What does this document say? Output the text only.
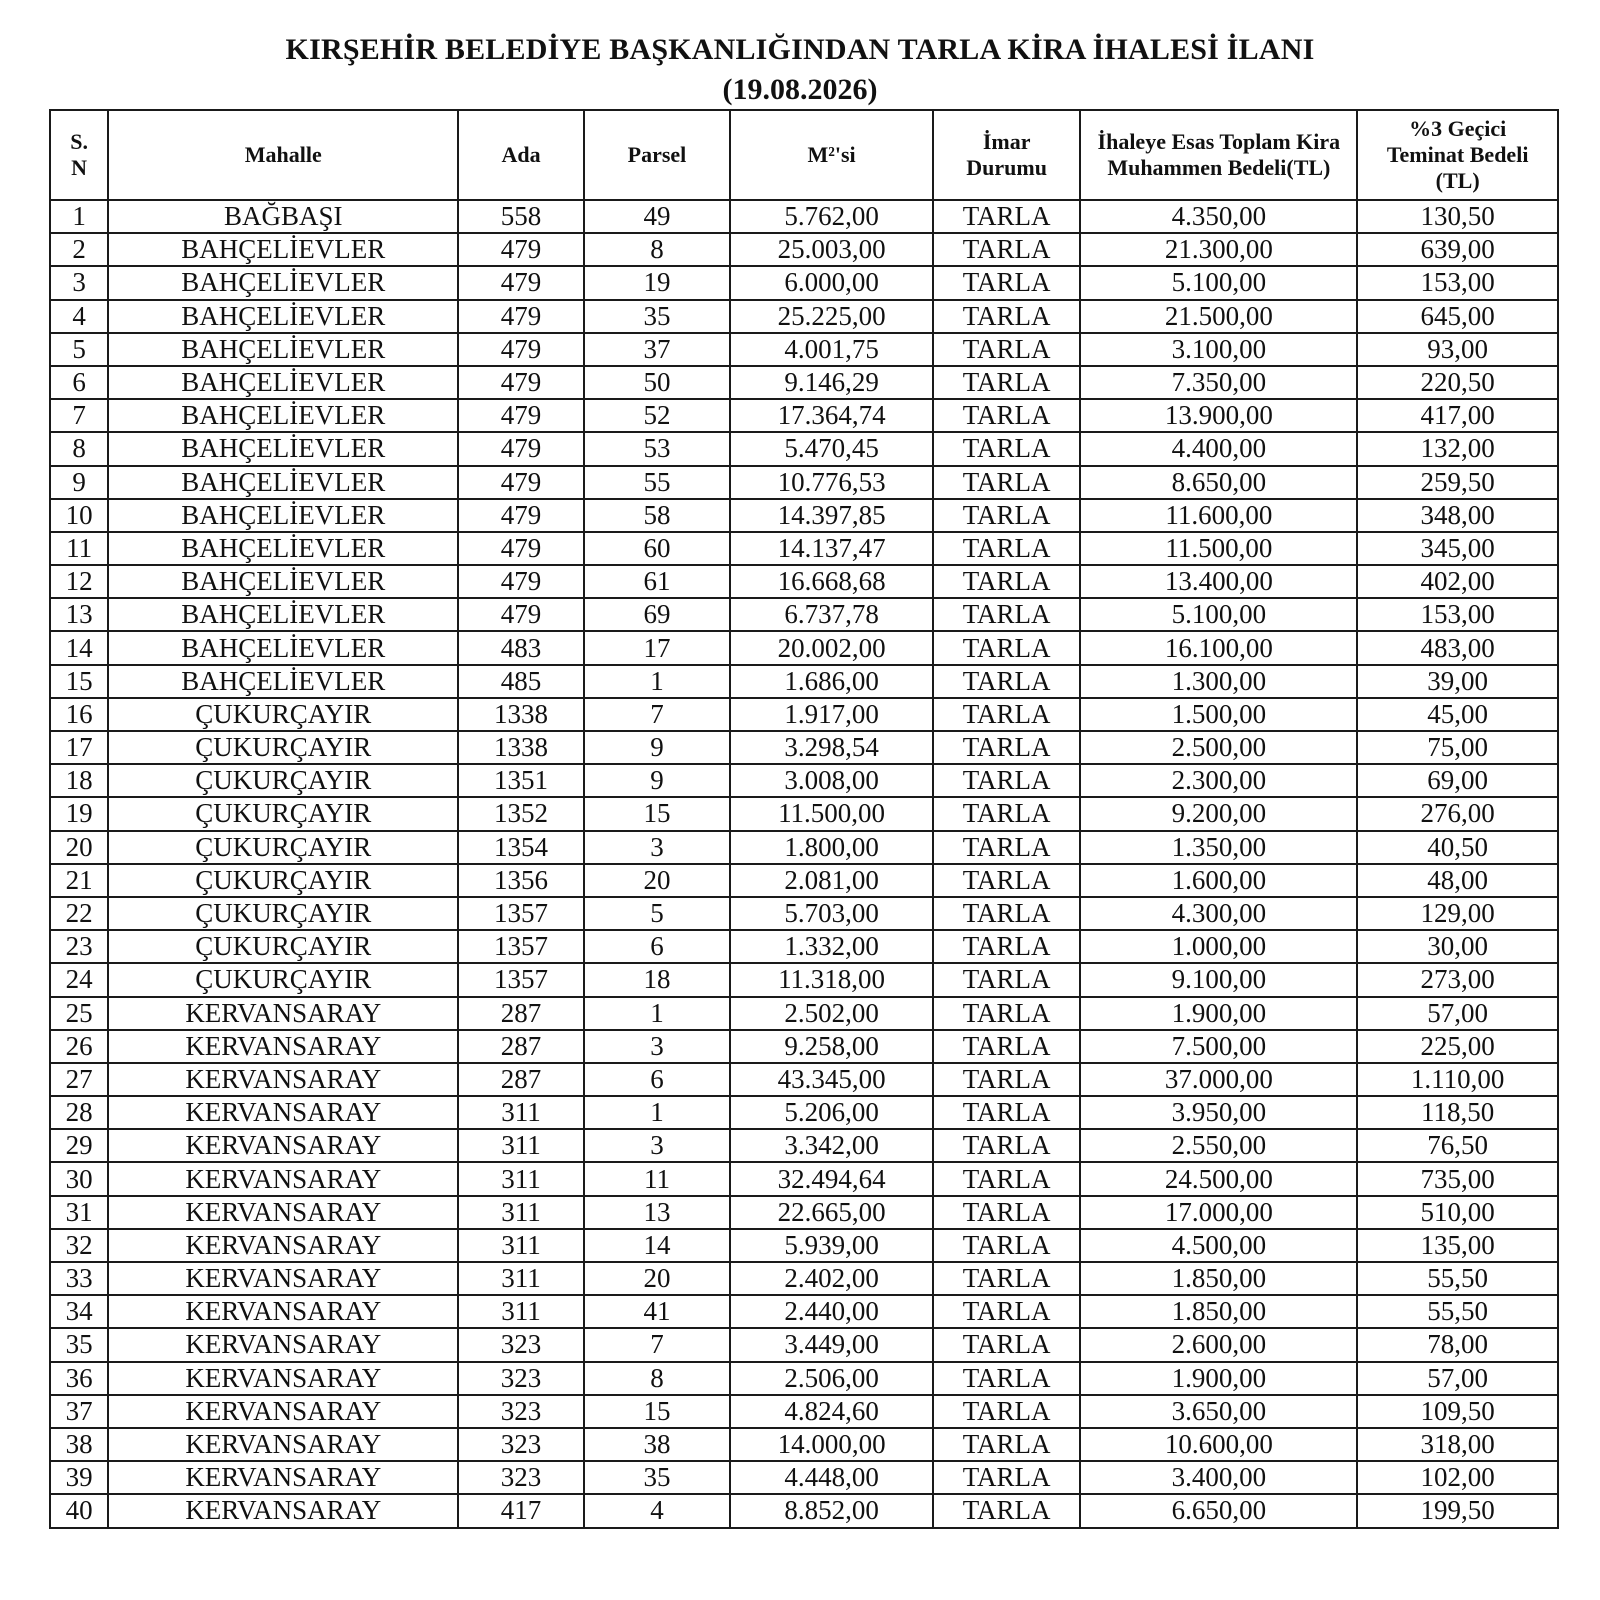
KIRŞEHİR BELEDİYE BAŞKANLIĞINDAN TARLA KİRA İHALESİ İLANI
(19.08.2026)
S. N	Mahalle	Ada	Parsel	M²'si	İmar Durumu	İhaleye Esas Toplam Kira Muhammen Bedeli(TL)	%3 Geçici Teminat Bedeli (TL)
1	BAĞBAŞI	558	49	5.762,00	TARLA	4.350,00	130,50
2	BAHÇELİEVLER	479	8	25.003,00	TARLA	21.300,00	639,00
3	BAHÇELİEVLER	479	19	6.000,00	TARLA	5.100,00	153,00
4	BAHÇELİEVLER	479	35	25.225,00	TARLA	21.500,00	645,00
5	BAHÇELİEVLER	479	37	4.001,75	TARLA	3.100,00	93,00
6	BAHÇELİEVLER	479	50	9.146,29	TARLA	7.350,00	220,50
7	BAHÇELİEVLER	479	52	17.364,74	TARLA	13.900,00	417,00
8	BAHÇELİEVLER	479	53	5.470,45	TARLA	4.400,00	132,00
9	BAHÇELİEVLER	479	55	10.776,53	TARLA	8.650,00	259,50
10	BAHÇELİEVLER	479	58	14.397,85	TARLA	11.600,00	348,00
11	BAHÇELİEVLER	479	60	14.137,47	TARLA	11.500,00	345,00
12	BAHÇELİEVLER	479	61	16.668,68	TARLA	13.400,00	402,00
13	BAHÇELİEVLER	479	69	6.737,78	TARLA	5.100,00	153,00
14	BAHÇELİEVLER	483	17	20.002,00	TARLA	16.100,00	483,00
15	BAHÇELİEVLER	485	1	1.686,00	TARLA	1.300,00	39,00
16	ÇUKURÇAYIR	1338	7	1.917,00	TARLA	1.500,00	45,00
17	ÇUKURÇAYIR	1338	9	3.298,54	TARLA	2.500,00	75,00
18	ÇUKURÇAYIR	1351	9	3.008,00	TARLA	2.300,00	69,00
19	ÇUKURÇAYIR	1352	15	11.500,00	TARLA	9.200,00	276,00
20	ÇUKURÇAYIR	1354	3	1.800,00	TARLA	1.350,00	40,50
21	ÇUKURÇAYIR	1356	20	2.081,00	TARLA	1.600,00	48,00
22	ÇUKURÇAYIR	1357	5	5.703,00	TARLA	4.300,00	129,00
23	ÇUKURÇAYIR	1357	6	1.332,00	TARLA	1.000,00	30,00
24	ÇUKURÇAYIR	1357	18	11.318,00	TARLA	9.100,00	273,00
25	KERVANSARAY	287	1	2.502,00	TARLA	1.900,00	57,00
26	KERVANSARAY	287	3	9.258,00	TARLA	7.500,00	225,00
27	KERVANSARAY	287	6	43.345,00	TARLA	37.000,00	1.110,00
28	KERVANSARAY	311	1	5.206,00	TARLA	3.950,00	118,50
29	KERVANSARAY	311	3	3.342,00	TARLA	2.550,00	76,50
30	KERVANSARAY	311	11	32.494,64	TARLA	24.500,00	735,00
31	KERVANSARAY	311	13	22.665,00	TARLA	17.000,00	510,00
32	KERVANSARAY	311	14	5.939,00	TARLA	4.500,00	135,00
33	KERVANSARAY	311	20	2.402,00	TARLA	1.850,00	55,50
34	KERVANSARAY	311	41	2.440,00	TARLA	1.850,00	55,50
35	KERVANSARAY	323	7	3.449,00	TARLA	2.600,00	78,00
36	KERVANSARAY	323	8	2.506,00	TARLA	1.900,00	57,00
37	KERVANSARAY	323	15	4.824,60	TARLA	3.650,00	109,50
38	KERVANSARAY	323	38	14.000,00	TARLA	10.600,00	318,00
39	KERVANSARAY	323	35	4.448,00	TARLA	3.400,00	102,00
40	KERVANSARAY	417	4	8.852,00	TARLA	6.650,00	199,50
